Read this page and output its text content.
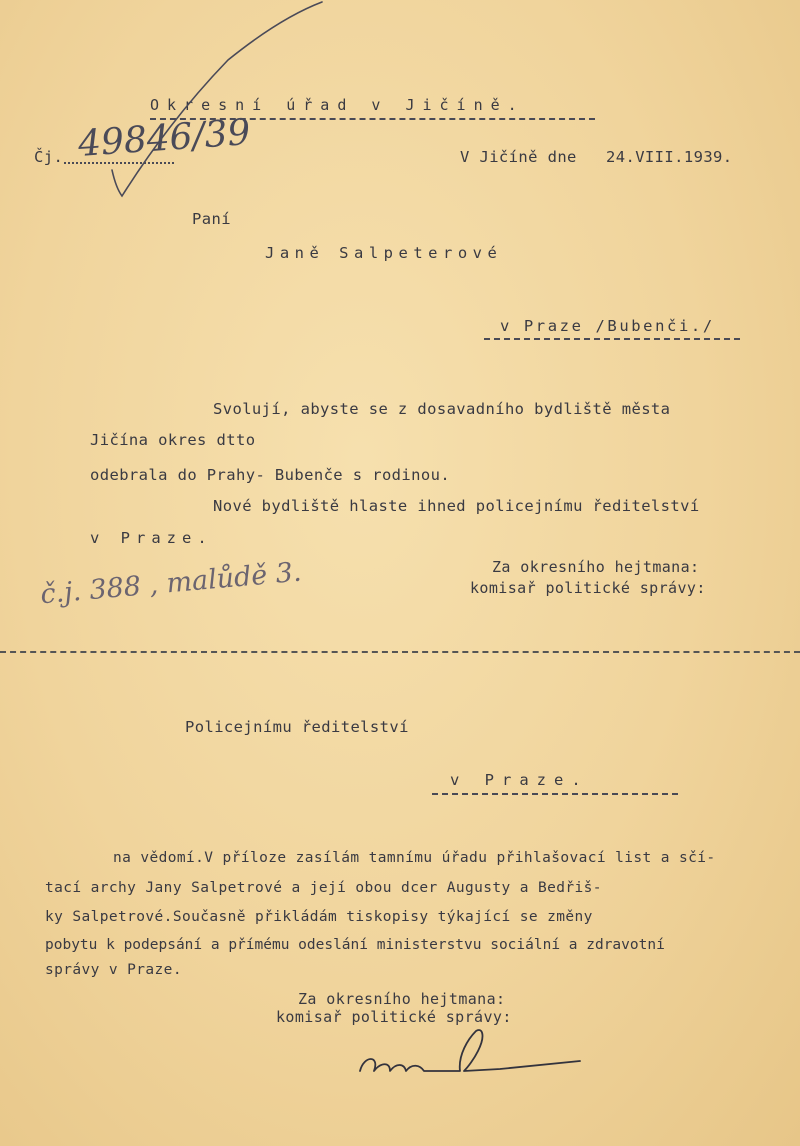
Okresní úřad v Jičíně.
Čj. 49846/39	V Jičíně dne 24.VIII.1939.
Paní
Janě Salpeterové
v Praze /Bubenči./
Svolují, abyste se z dosavadního bydliště města
Jičína okres dtto
odebrala do Prahy- Bubenče s rodinou.
Nové bydliště hlaste ihned policejnímu ředitelství
v Praze.
Za okresního hejtmana:
komisař politické správy:
č.j. 388 , malůdě 3.
Policejnímu ředitelství
v Praze.
na vědomí.V příloze zasílám tamnímu úřadu přihlašovací list a sčí-
tací archy Jany Salpetrové a její obou dcer Augusty a Bedřiš-
ky Salpetrové.Současně přikládám tiskopisy týkající se změny
pobytu k podepsání a přímému odeslání ministerstvu sociální a zdravotní
správy v Praze.
Za okresního hejtmana:
komisař politické správy:
